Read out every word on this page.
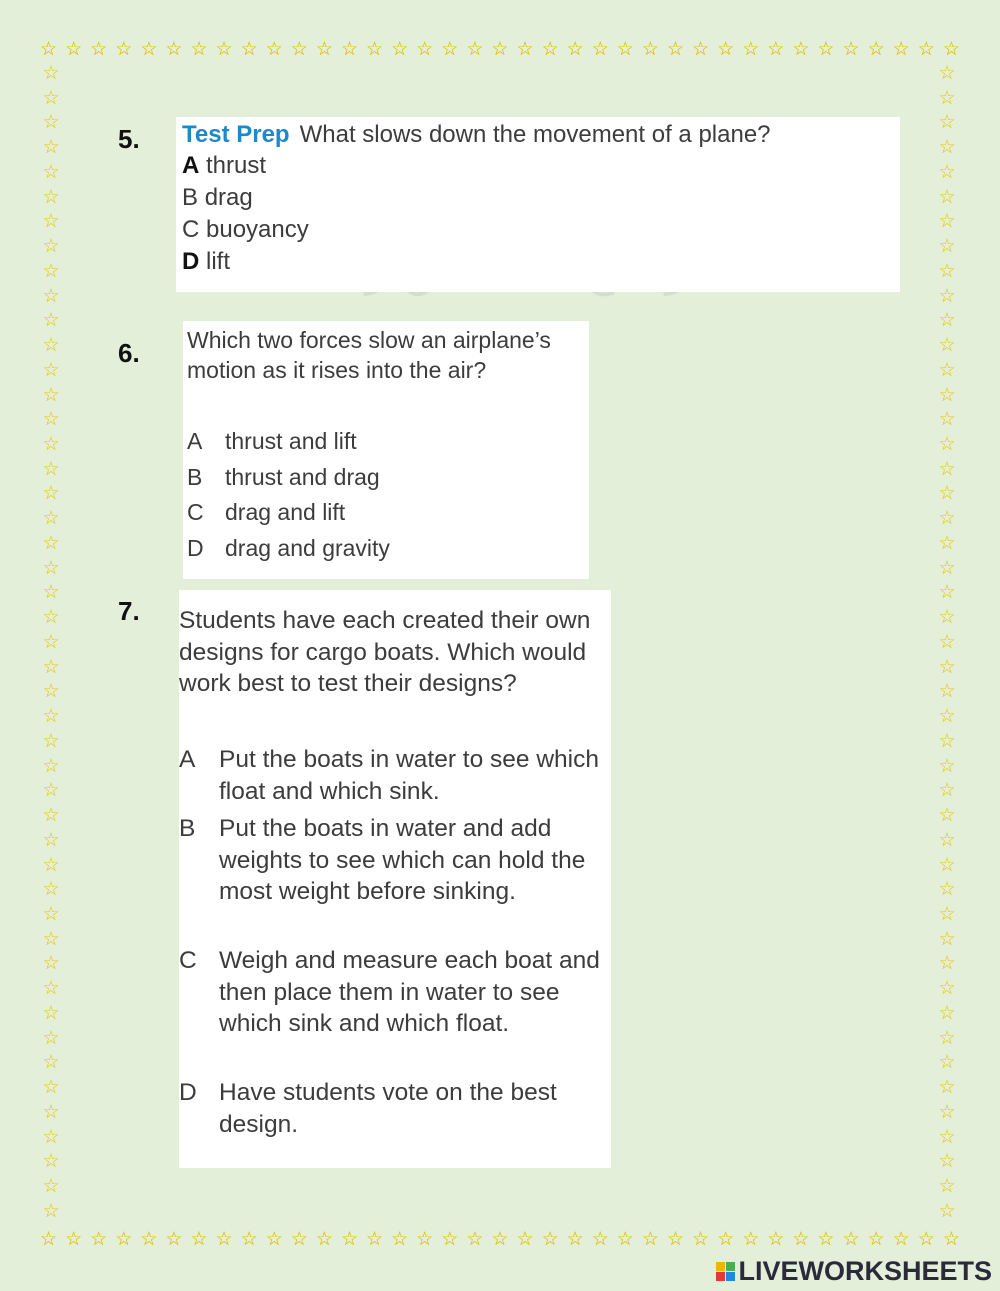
☆ ☆ ☆ ☆ ☆ ☆ ☆ ☆ ☆ ☆ ☆ ☆ ☆ ☆ ☆ ☆ ☆ ☆ ☆ ☆ ☆ ☆ ☆ ☆ ☆ ☆ ☆ ☆ ☆ ☆ ☆ ☆ ☆ ☆ ☆ ☆ ☆
☆ ☆ ☆ ☆ ☆ ☆ ☆ ☆ ☆ ☆ ☆ ☆ ☆ ☆ ☆ ☆ ☆ ☆ ☆ ☆ ☆ ☆ ☆ ☆ ☆ ☆ ☆ ☆ ☆ ☆ ☆ ☆ ☆ ☆ ☆ ☆ ☆
☆
☆
☆
☆
☆
☆
☆
☆
☆
☆
☆
☆
☆
☆
☆
☆
☆
☆
☆
☆
☆
☆
☆
☆
☆
☆
☆
☆
☆
☆
☆
☆
☆
☆
☆
☆
☆
☆
☆
☆
☆
☆
☆
☆
☆
☆
☆
☆
☆
☆
☆
☆
☆
☆
☆
☆
☆
☆
☆
☆
☆
☆
☆
☆
☆
☆
☆
☆
☆
☆
☆
☆
☆
☆
☆
☆
☆
☆
☆
☆
☆
☆
☆
☆
☆
☆
☆
☆
☆
☆
☆
☆
☆
☆
5. Test Prep What slows down the movement of a plane?
A thrust
B drag
C buoyancy
D lift
6. Which two forces slow an airplane’s motion as it rises into the air?
A thrust and lift
B thrust and drag
C drag and lift
D drag and gravity
7. Students have each created their own designs for cargo boats. Which would work best to test their designs?
A Put the boats in water to see which float and which sink.
B Put the boats in water and add weights to see which can hold the most weight before sinking.
C Weigh and measure each boat and then place them in water to see which sink and which float.
D Have students vote on the best design.
LIVEWORKSHEETS
